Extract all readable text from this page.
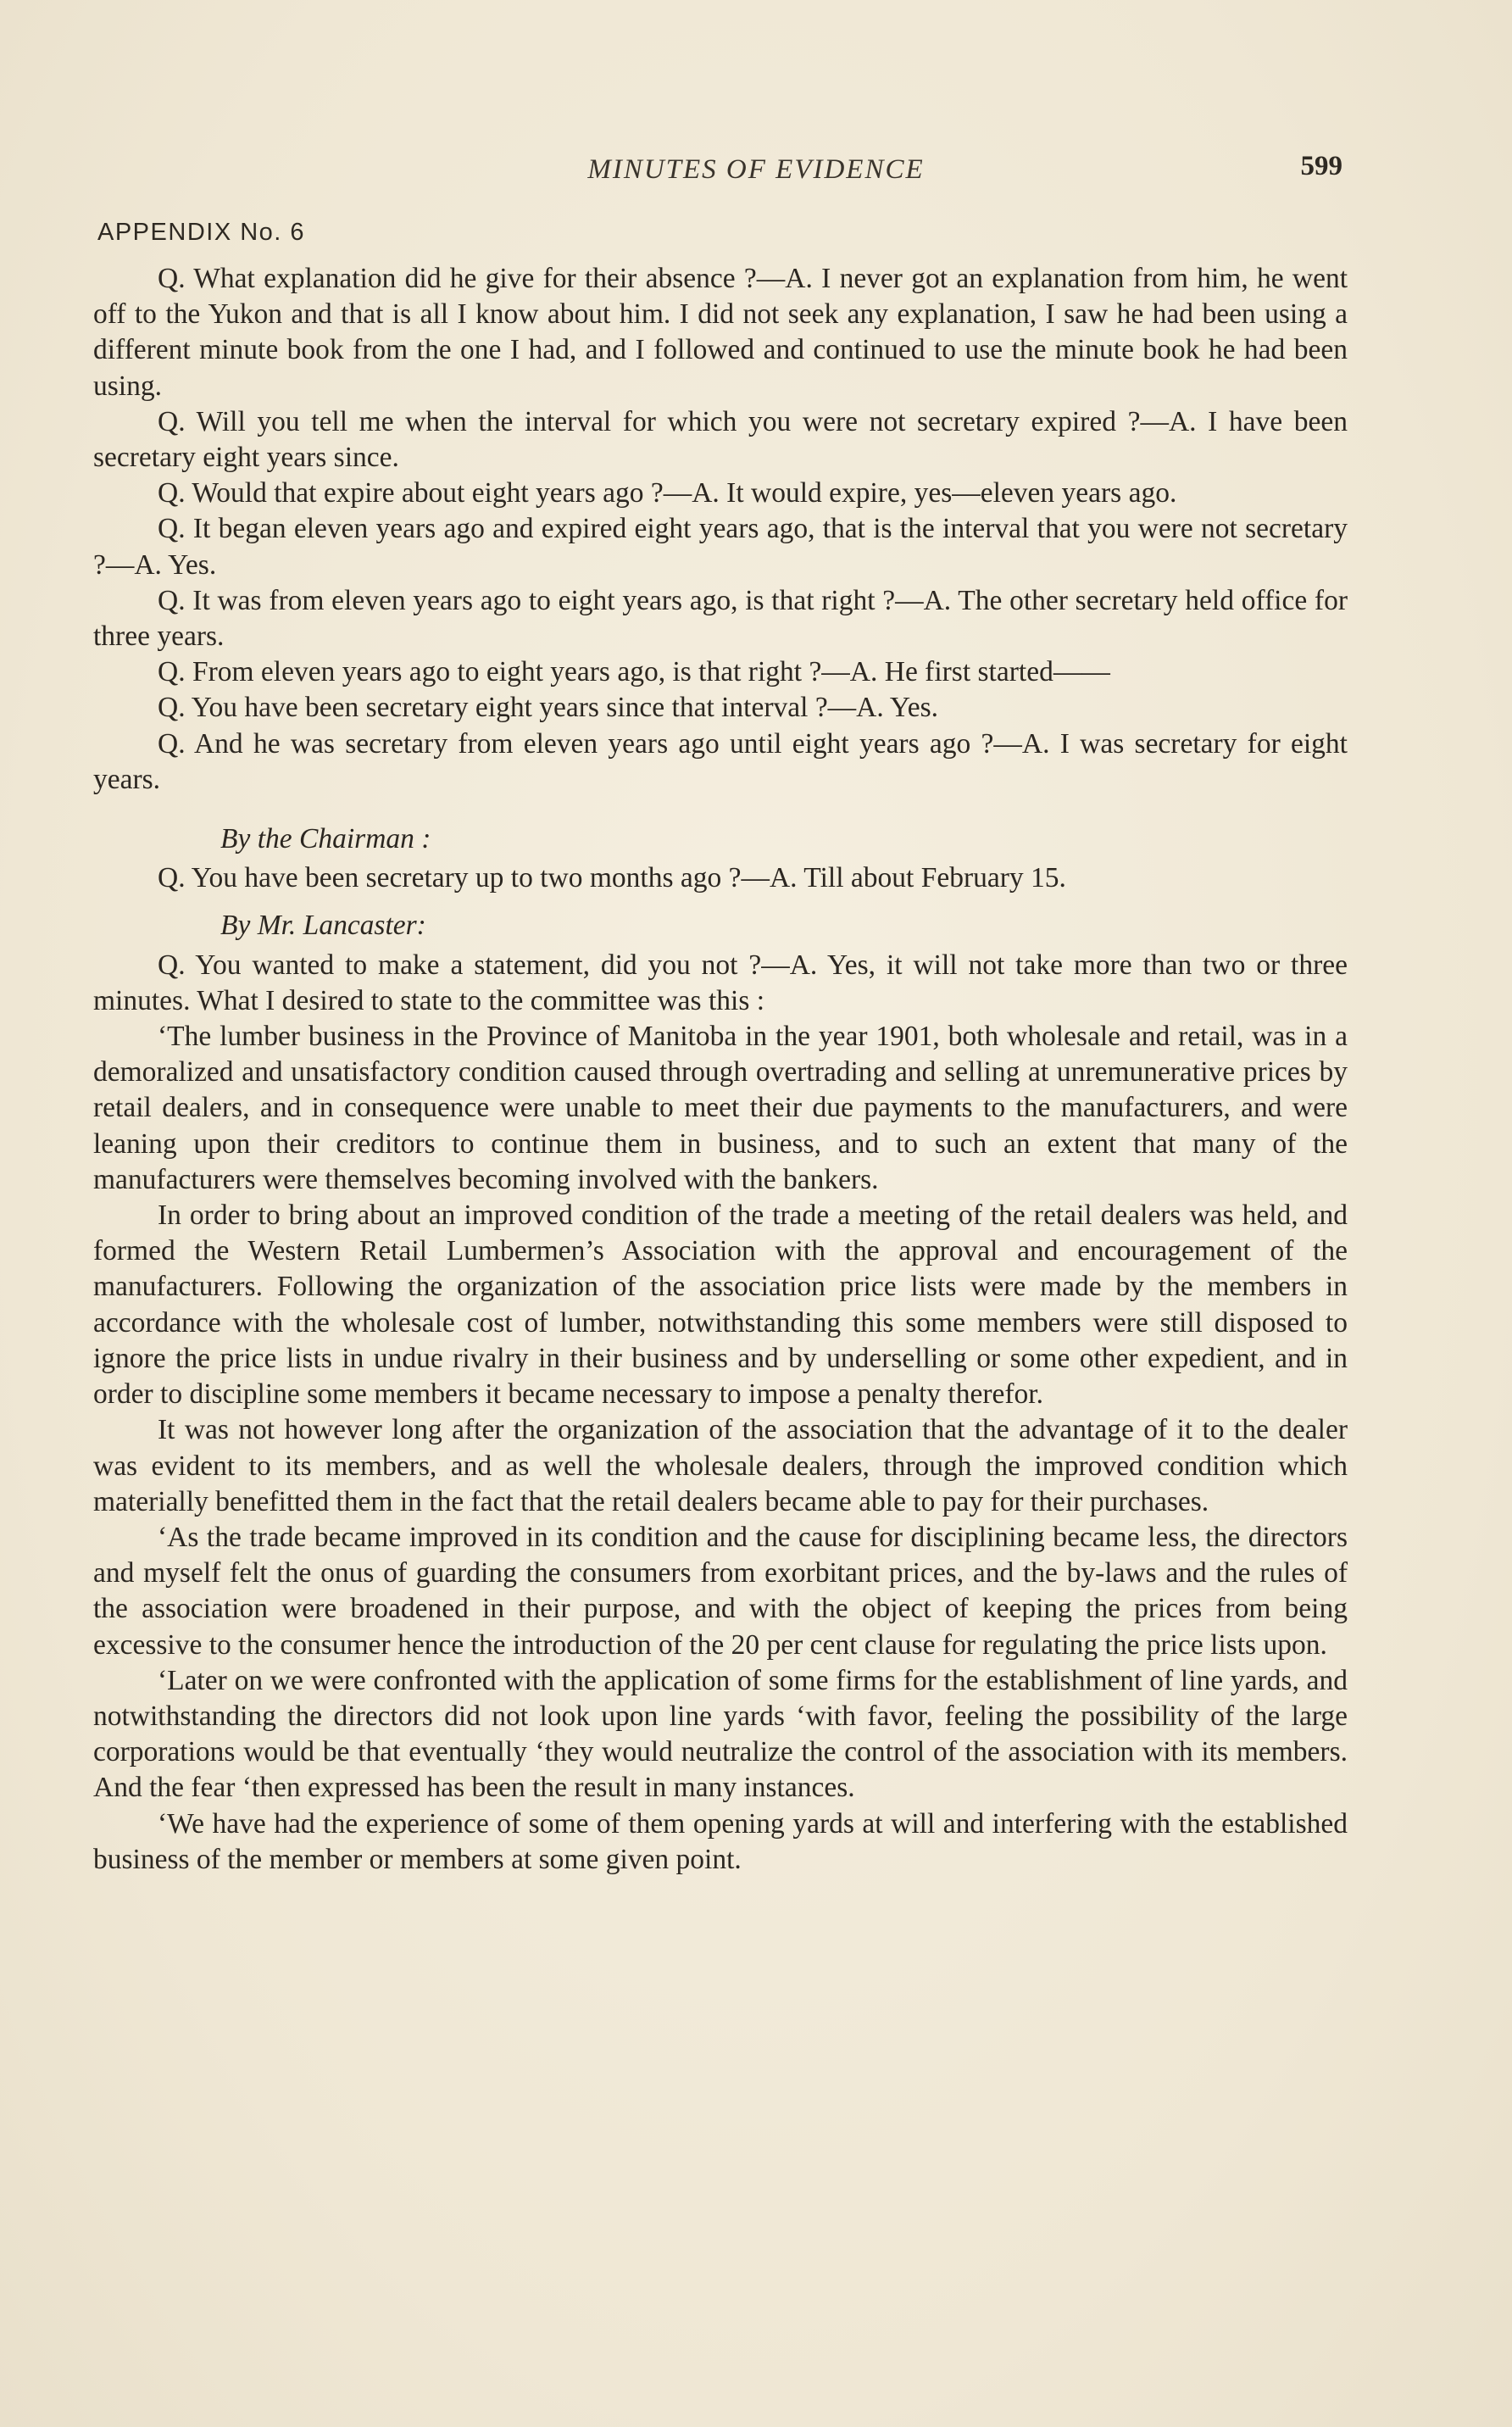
MINUTES OF EVIDENCE	599
APPENDIX No. 6

Q. What explanation did he give for their absence ?—A. I never got an explanation from him, he went off to the Yukon and that is all I know about him. I did not seek any explanation, I saw he had been using a different minute book from the one I had, and I followed and continued to use the minute book he had been using.

Q. Will you tell me when the interval for which you were not secretary expired ?—A. I have been secretary eight years since.

Q. Would that expire about eight years ago ?—A. It would expire, yes—eleven years ago.

Q. It began eleven years ago and expired eight years ago, that is the interval that you were not secretary ?—A. Yes.

Q. It was from eleven years ago to eight years ago, is that right ?—A. The other secretary held office for three years.

Q. From eleven years ago to eight years ago, is that right ?—A. He first started——

Q. You have been secretary eight years since that interval ?—A. Yes.

Q. And he was secretary from eleven years ago until eight years ago ?—A. I was secretary for eight years.

By the Chairman :

Q. You have been secretary up to two months ago ?—A. Till about February 15.

By Mr. Lancaster:

Q. You wanted to make a statement, did you not ?—A. Yes, it will not take more than two or three minutes. What I desired to state to the committee was this :

‘The lumber business in the Province of Manitoba in the year 1901, both wholesale and retail, was in a demoralized and unsatisfactory condition caused through overtrading and selling at unremunerative prices by retail dealers, and in consequence were unable to meet their due payments to the manufacturers, and were leaning upon their creditors to continue them in business, and to such an extent that many of the manufacturers were themselves becoming involved with the bankers.

In order to bring about an improved condition of the trade a meeting of the retail dealers was held, and formed the Western Retail Lumbermen’s Association with the approval and encouragement of the manufacturers. Following the organization of the association price lists were made by the members in accordance with the wholesale cost of lumber, notwithstanding this some members were still disposed to ignore the price lists in undue rivalry in their business and by underselling or some other expedient, and in order to discipline some members it became necessary to impose a penalty therefor.

It was not however long after the organization of the association that the advantage of it to the dealer was evident to its members, and as well the wholesale dealers, through the improved condition which materially benefitted them in the fact that the retail dealers became able to pay for their purchases.

‘As the trade became improved in its condition and the cause for disciplining became less, the directors and myself felt the onus of guarding the consumers from exorbitant prices, and the by-laws and the rules of the association were broadened in their purpose, and with the object of keeping the prices from being excessive to the consumer hence the introduction of the 20 per cent clause for regulating the price lists upon.

‘Later on we were confronted with the application of some firms for the establishment of line yards, and notwithstanding the directors did not look upon line yards ‘with favor, feeling the possibility of the large corporations would be that eventually ‘they would neutralize the control of the association with its members. And the fear ‘then expressed has been the result in many instances.

‘We have had the experience of some of them opening yards at will and interfering with the established business of the member or members at some given point.
